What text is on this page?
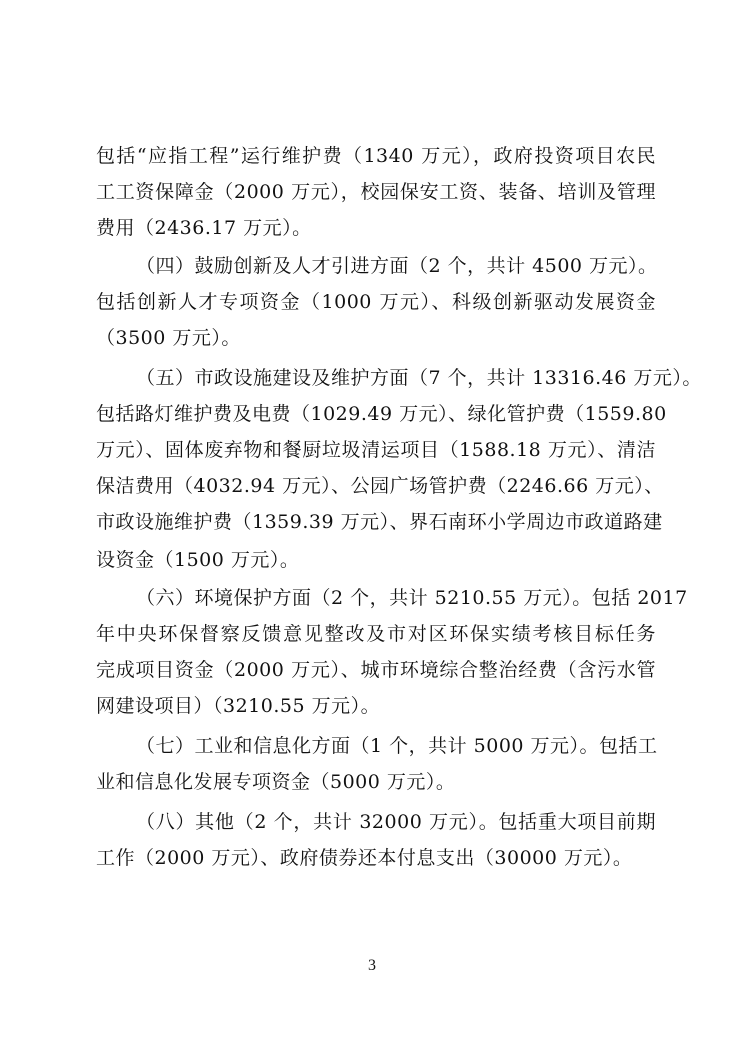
包括“应指工程”运行维护费（1340 万元），政府投资项目农民
工工资保障金（2000 万元），校园保安工资、装备、培训及管理
费用（2436.17 万元）。
（四）鼓励创新及人才引进方面（2 个，共计 4500 万元）。
包括创新人才专项资金（1000 万元）、科级创新驱动发展资金
（3500 万元）。
（五）市政设施建设及维护方面（7 个，共计 13316.46 万元）。
包括路灯维护费及电费（1029.49 万元）、绿化管护费（1559.80
万元）、固体废弃物和餐厨垃圾清运项目（1588.18 万元）、清洁
保洁费用（4032.94 万元）、公园广场管护费（2246.66 万元）、
市政设施维护费（1359.39 万元）、界石南环小学周边市政道路建
设资金（1500 万元）。
（六）环境保护方面（2 个，共计 5210.55 万元）。包括 2017
年中央环保督察反馈意见整改及市对区环保实绩考核目标任务
完成项目资金（2000 万元）、城市环境综合整治经费（含污水管
网建设项目）（3210.55 万元）。
（七）工业和信息化方面（1 个，共计 5000 万元）。包括工
业和信息化发展专项资金（5000 万元）。
（八）其他（2 个，共计 32000 万元）。包括重大项目前期
工作（2000 万元）、政府债券还本付息支出（30000 万元）。
3
